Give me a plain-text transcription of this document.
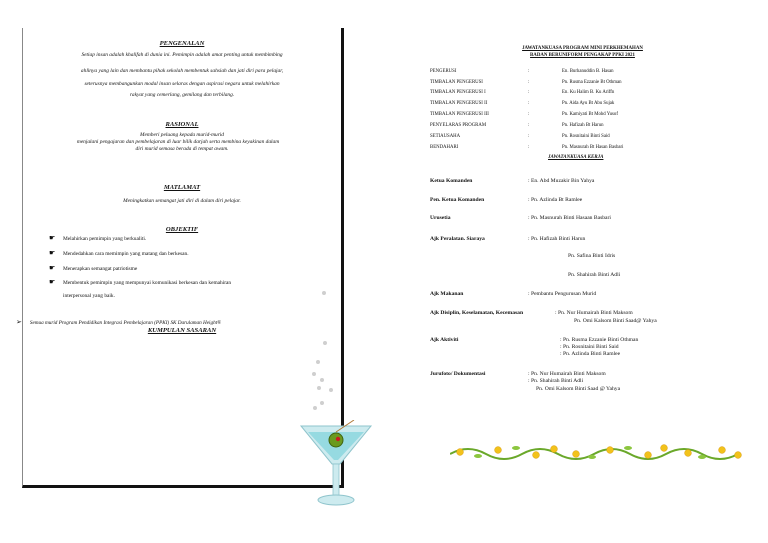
PENGENALAN
Setiap insan adalah khalifah di dunia ini. Pemimpin adalah amat penting untuk membimbing
ahlinya yang lain dan membantu pihak sekolah membentuk sahsiah dan jati diri para pelajar,
seterusnya membangunkan modal insan selaras dengan aspirasi negara untuk melahirkan
rakyat yang cemerlang, gemilang dan terbilang.
RASIONAL
Memberi peluang kepada murid-murid
menjalani pengajaran dan pembelajaran di luar bilik darjah serta membina keyakinan dalam
diri murid semasa berada di tempat awam.
MATLAMAT
Meningkatkan semangat jati diri di dalam diri pelajar.
OBJEKTIF
☛ Melahirkan pemimpin yang berkualiti.
☛ Mendedahkan cara memimpin yang matang dan berkesan.
☛ Menerapkan semangat patriotisme
☛ Membentuk pemimpin yang mempunyai komunikasi berkesan dan kemahiran
interpersonal yang baik.
KUMPULAN SASARAN
➢ Semua murid Program Pendidikan Integrasi Pembelajaran (PPKI) SK Darulaman Height®
JAWATANKUASA PROGRAM MINI PERKHEMAHAN
BADAN BERUNIFORM PENGAKAP PPKI 2021
PENGERUSI	:	En. Burhanuddin B. Hasan
TIMBALAN PENGERUSI	:	Pn. Rusma Ezzanie Bt Othman
TIMBALAN PENGERUSI I	:	En. Ku Halim B. Ku Ariffn
TIMBALAN PENGERUSI II	:	Pn. Aida Ayu Bt Abu Sujak
TIMBALAN PENGERUSI III	:	Pn. Kamiyati Bt Mohd Yusof
PENYELARAS PROGRAM	:	Pn. Hafizah Bt Harun
SETIAUSAHA	:	Pn. Rosnitaini Binti Said
BENDAHARI	:	Pn. Masnurah Bt Hasan Basbari
JAWATANKUASA KERJA
Ketua Komanden	: En. Abd Muzakir Bin Yahya
Pen. Ketua Komanden	: Pn. Azlinda Bt Ramlee
Urusetia	: Pn. Masnurah Binti Hasaan Basbari
Ajk Peralatan. Siaraya	: Pn. Hafizah Binti Harun
Pn. Safina Binti Idris
Pn. Shahirah Binti Adli
Ajk Makanan	: Pembantu Pengurusan Murid
Ajk Disiplin, Keselamatan, Kecemasan	: Pn. Nur Humairah Binti Maksom
Pn. Omi Kalsom Binti Saad@ Yahya
Ajk Aktiviti	: Pn. Rusma Ezzanie Binti Othman
: Pn. Rosnitaini Binti Said
: Pn. Azlinda Binti Ramlee
Jurufoto/ Dokumentasi	: Pn. Nur Humairah Binti Maksom
: Pn. Shahirah Binti Adli
Pn. Omi Kalsom Binti Saad @ Yahya
